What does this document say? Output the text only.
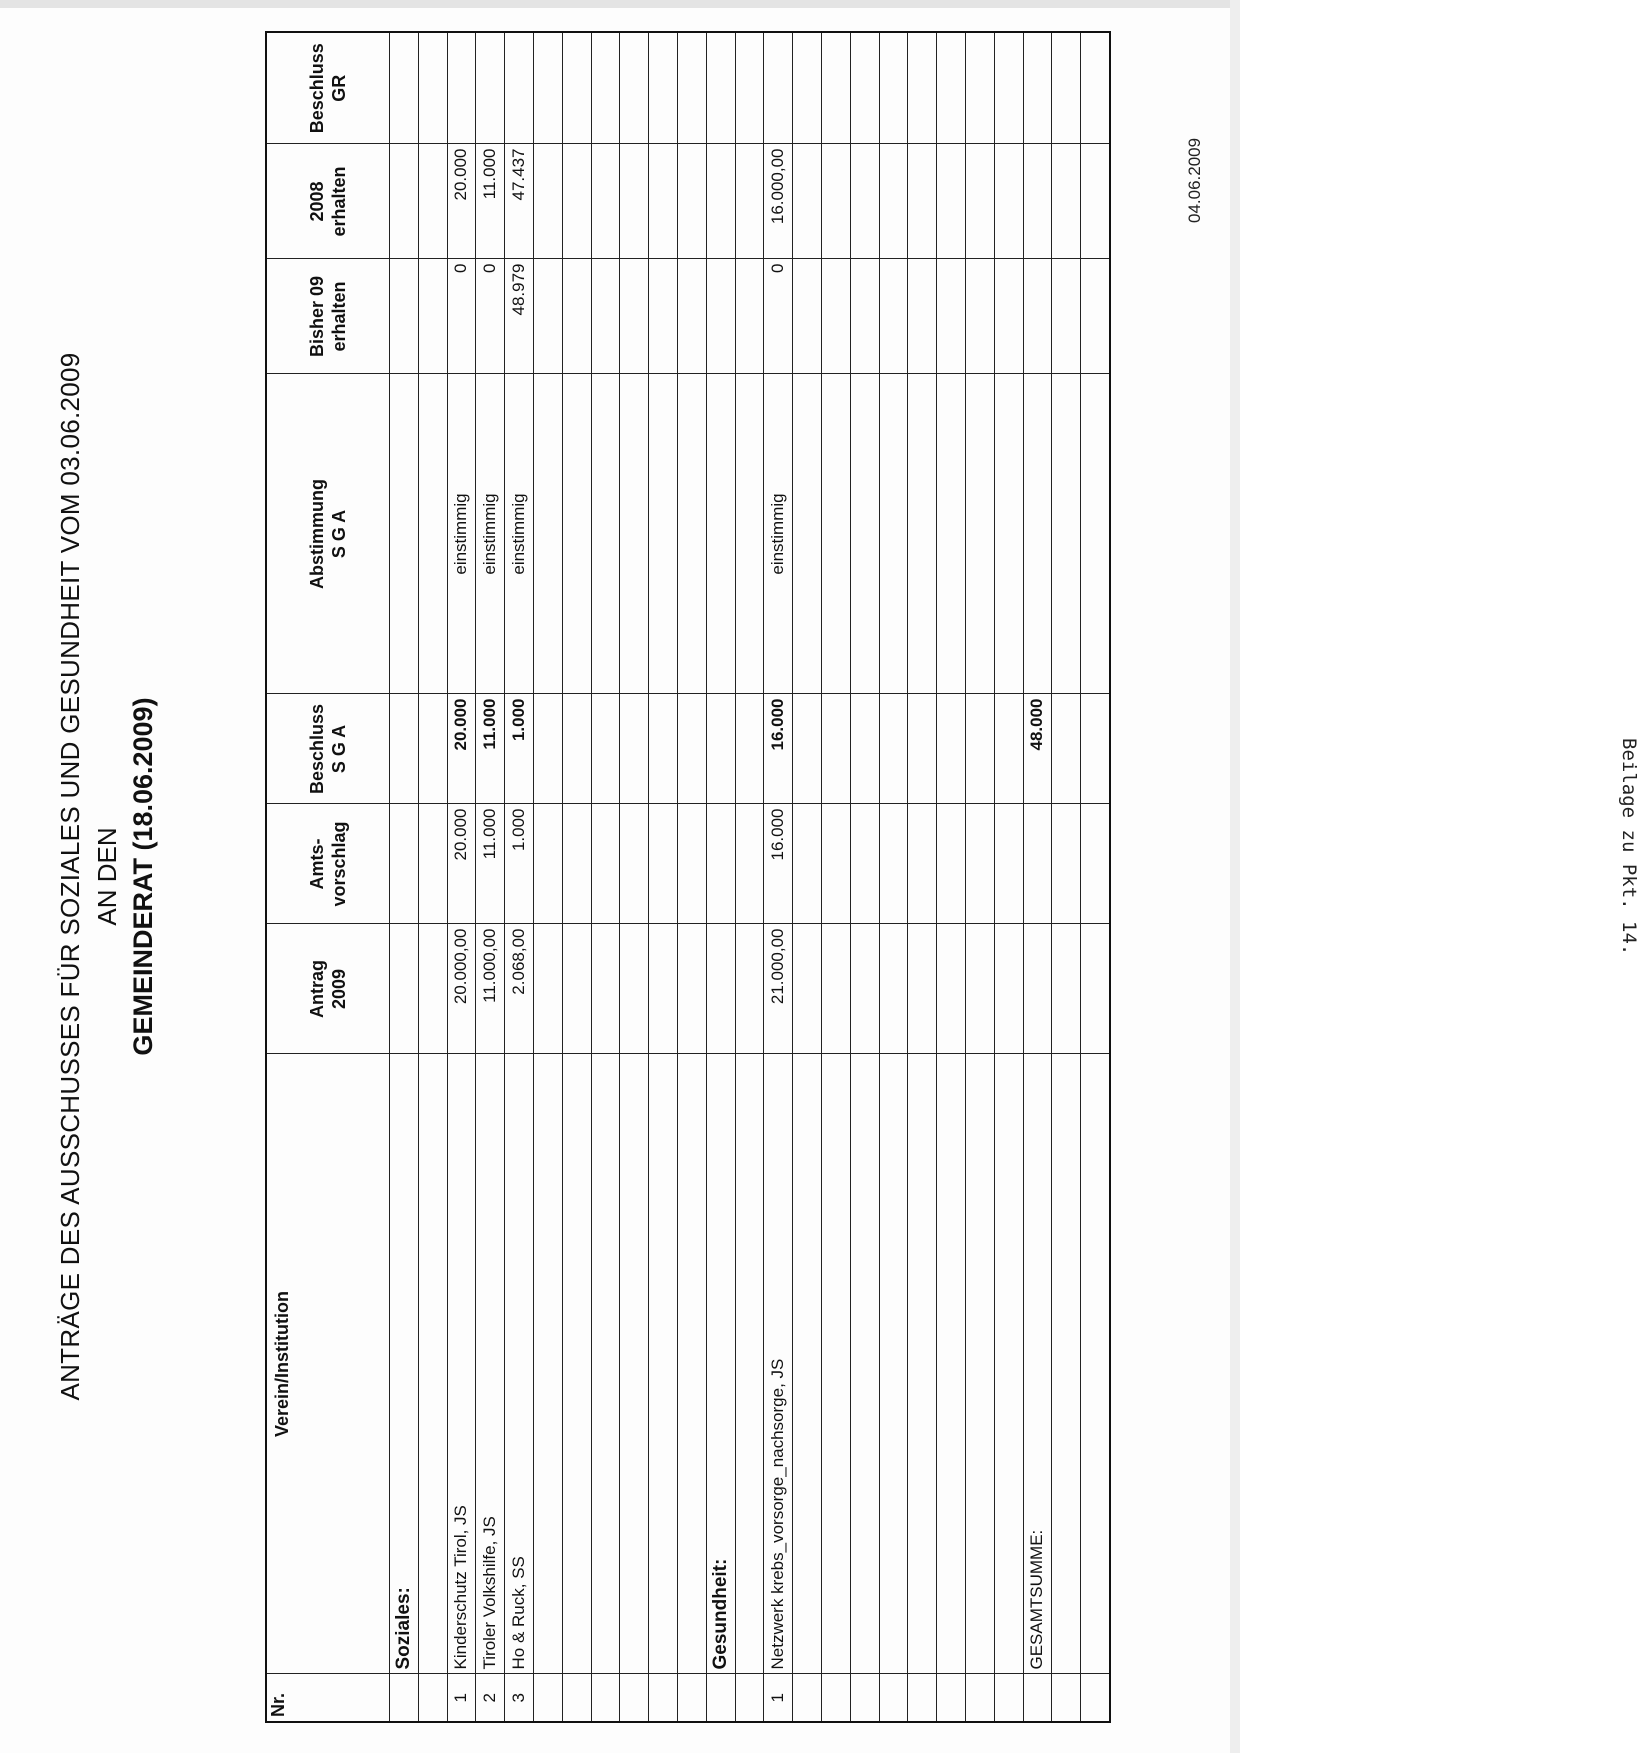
ANTRÄGE DES AUSSCHUSSES FÜR SOZIALES UND GESUNDHEIT VOM 03.06.2009 AN DEN GEMEINDERAT (18.06.2009)
Nr.	Verein/Institution	Antrag 2009	Amts- vorschlag	Beschluss S G A	Abstimmung S G A	Bisher 09 erhalten	2008 erhalten	Beschluss GR
	Soziales:							

1	Kinderschutz Tirol, JS	20.000,00	20.000	20.000	einstimmig	0	20.000	
2	Tiroler Volkshilfe, JS	11.000,00	11.000	11.000	einstimmig	0	11.000	
3	Ho & Ruck, SS	2.068,00	1.000	1.000	einstimmig	48.979	47.437	

	Gesundheit:							

1	Netzwerk krebs_vorsorge_nachsorge, JS	21.000,00	16.000	16.000	einstimmig	0	16.000,00	

	GESAMTSUMME:			48.000				

04.06.2009
Beilage zu Pkt. 14.
